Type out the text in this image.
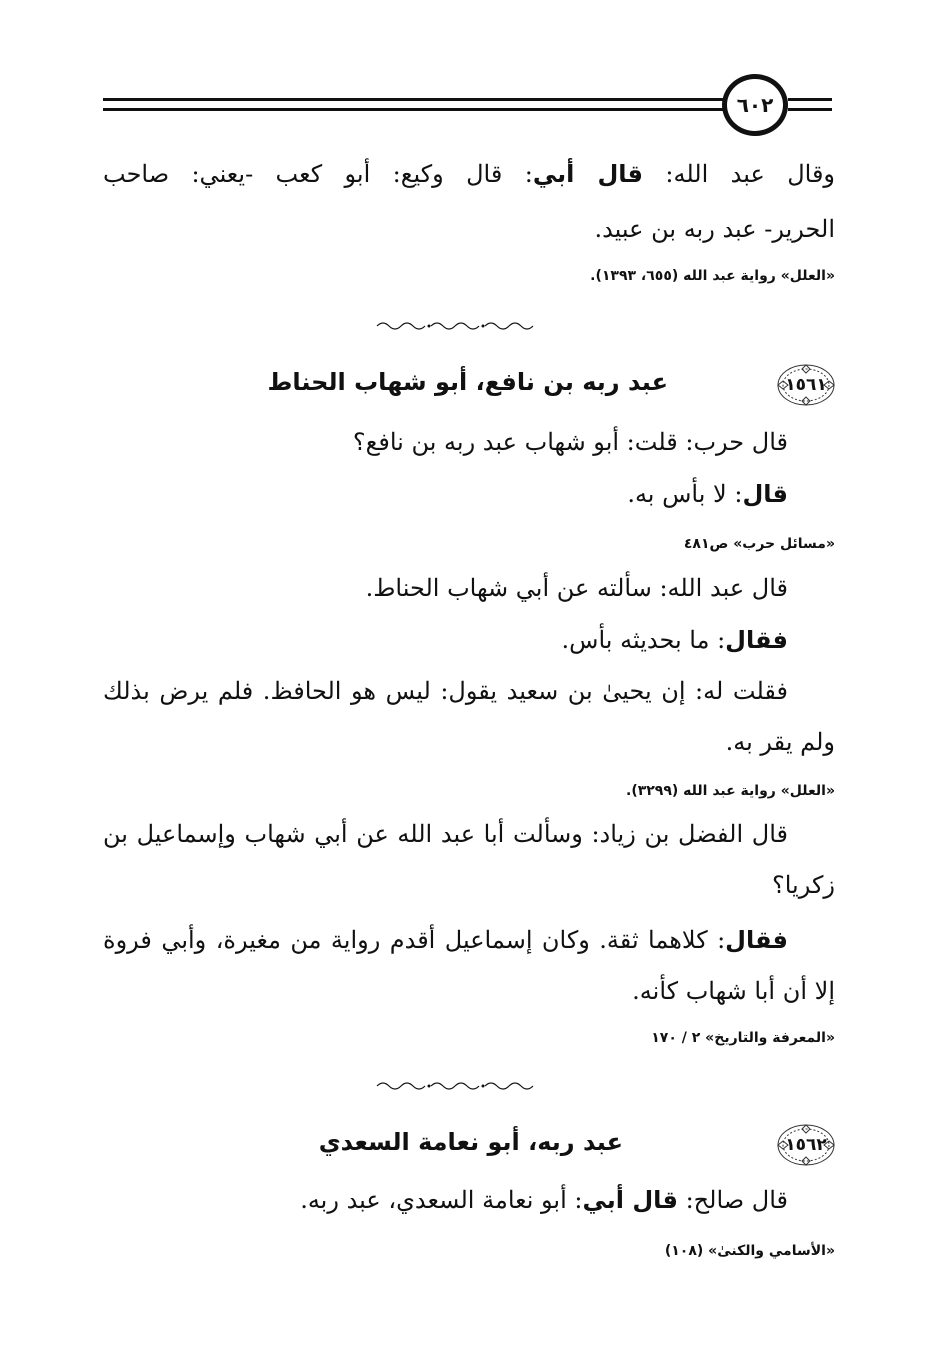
٦٠٢
وقال عبد الله: قال أبي: قال وكيع: أبو كعب -يعني: صاحب
الحرير- عبد ربه بن عبيد.
«العلل» رواية عبد الله (٦٥٥، ١٣٩٣).
١٥٦١
عبد ربه بن نافع، أبو شهاب الحناط
قال حرب: قلت: أبو شهاب عبد ربه بن نافع؟
قال: لا بأس به.
«مسائل حرب» ص٤٨١
قال عبد الله: سألته عن أبي شهاب الحناط.
فقال: ما بحديثه بأس.
فقلت له: إن يحيىٰ بن سعيد يقول: ليس هو الحافظ. فلم يرض بذلك
ولم يقر به.
«العلل» رواية عبد الله (٣٢٩٩).
قال الفضل بن زياد: وسألت أبا عبد الله عن أبي شهاب وإسماعيل بن
زكريا؟
فقال: كلاهما ثقة. وكان إسماعيل أقدم رواية من مغيرة، وأبي فروة
إلا أن أبا شهاب كأنه.
«المعرفة والتاريخ» ٢ / ١٧٠
١٥٦٢
عبد ربه، أبو نعامة السعدي
قال صالح: قال أبي: أبو نعامة السعدي، عبد ربه.
«الأسامي والكنىٰ» (١٠٨)
